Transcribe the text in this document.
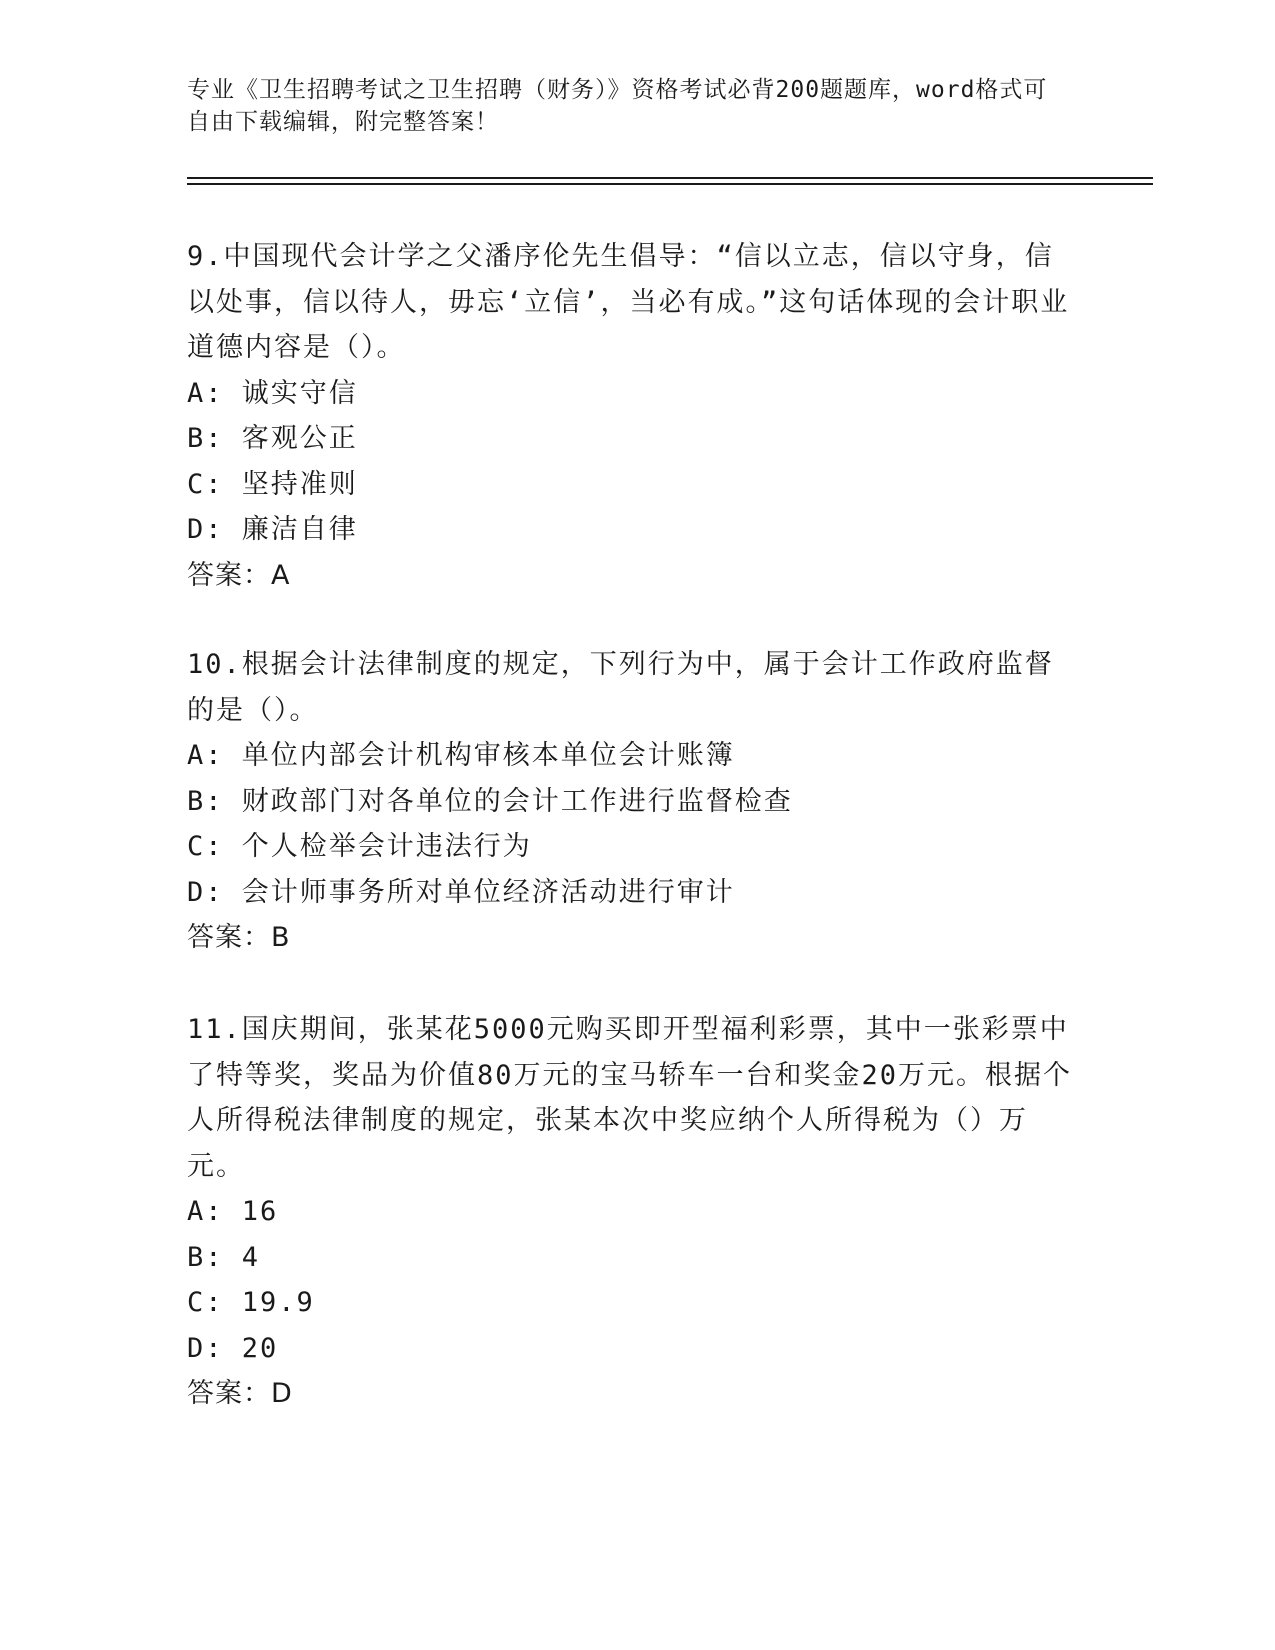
专业《卫生招聘考试之卫生招聘（财务）》资格考试必背200题题库，word格式可自由下载编辑，附完整答案！

9.中国现代会计学之父潘序伦先生倡导：“信以立志，信以守身，信以处事，信以待人，毋忘‘立信’，当必有成。”这句话体现的会计职业道德内容是（）。

A: 诚实守信

B: 客观公正

C: 坚持准则

D: 廉洁自律

答案：A

10.根据会计法律制度的规定，下列行为中，属于会计工作政府监督的是（）。

A: 单位内部会计机构审核本单位会计账簿

B: 财政部门对各单位的会计工作进行监督检查

C: 个人检举会计违法行为

D: 会计师事务所对单位经济活动进行审计

答案：B

11.国庆期间，张某花5000元购买即开型福利彩票，其中一张彩票中了特等奖，奖品为价值80万元的宝马轿车一台和奖金20万元。根据个人所得税法律制度的规定，张某本次中奖应纳个人所得税为（）万元。

A: 16

B: 4

C: 19.9

D: 20

答案：D
